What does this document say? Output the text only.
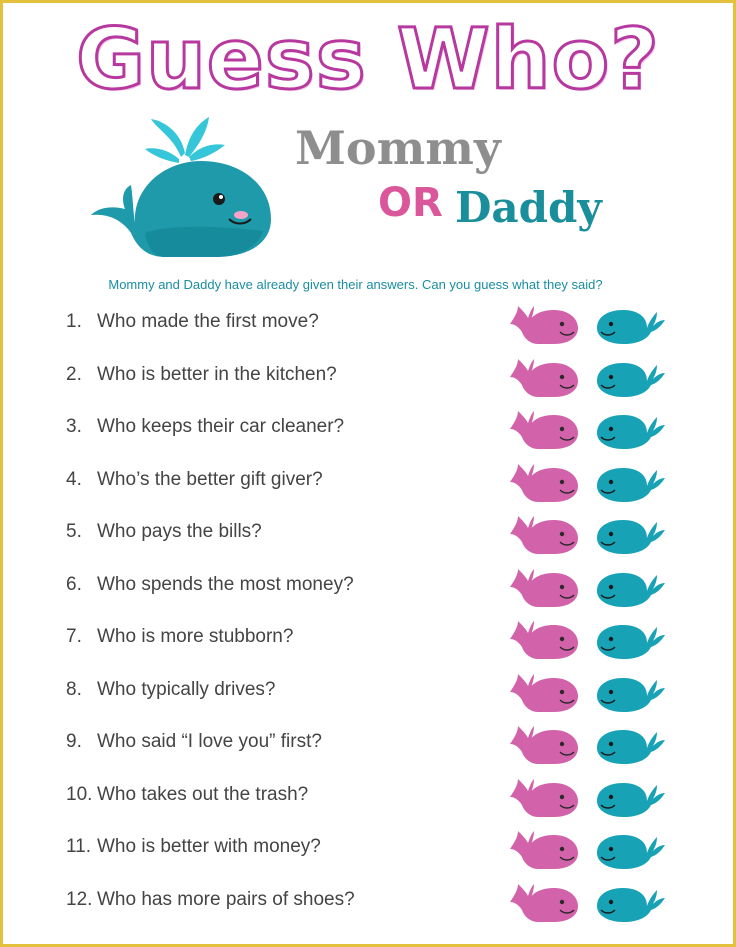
Guess Who?
Mommy
OR Daddy
Mommy and Daddy have already given their answers. Can you guess what they said?
1. Who made the first move?
2. Who is better in the kitchen?
3. Who keeps their car cleaner?
4. Who’s the better gift giver?
5. Who pays the bills?
6. Who spends the most money?
7. Who is more stubborn?
8. Who typically drives?
9. Who said “I love you” first?
10. Who takes out the trash?
11. Who is better with money?
12. Who has more pairs of shoes?
